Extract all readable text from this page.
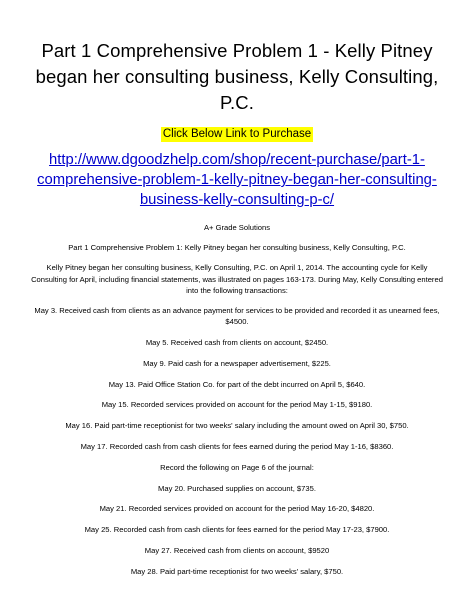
Part 1 Comprehensive Problem 1 - Kelly Pitney began her consulting business, Kelly Consulting, P.C.
Click Below Link to Purchase
http://www.dgoodzhelp.com/shop/recent-purchase/part-1-comprehensive-problem-1-kelly-pitney-began-her-consulting-business-kelly-consulting-p-c/
A+ Grade Solutions
Part 1 Comprehensive Problem 1: Kelly Pitney began her consulting business, Kelly Consulting, P.C.
Kelly Pitney began her consulting business, Kelly Consulting, P.C. on April 1, 2014. The accounting cycle for Kelly Consulting for April, including financial statements, was illustrated on pages 163-173. During May, Kelly Consulting entered into the following transactions:

May 3. Received cash from clients as an advance payment for services to be provided and recorded it as unearned fees, $4500.

May 5. Received cash from clients on account, $2450.

May 9. Paid cash for a newspaper advertisement, $225.

May 13. Paid Office Station Co. for part of the debt incurred on April 5, $640.

May 15. Recorded services provided on account for the period May 1-15, $9180.

May 16. Paid part-time receptionist for two weeks' salary including the amount owed on April 30, $750.

May 17. Recorded cash from cash clients for fees earned during the period May 1-16, $8360.

Record the following on Page 6 of the journal:

May 20. Purchased supplies on account, $735.

May 21. Recorded services provided on account for the period May 16-20, $4820.

May 25. Recorded cash from cash clients for fees earned for the period May 17-23, $7900.

May 27. Received cash from clients on account, $9520

May 28. Paid part-time receptionist for two weeks' salary, $750.
